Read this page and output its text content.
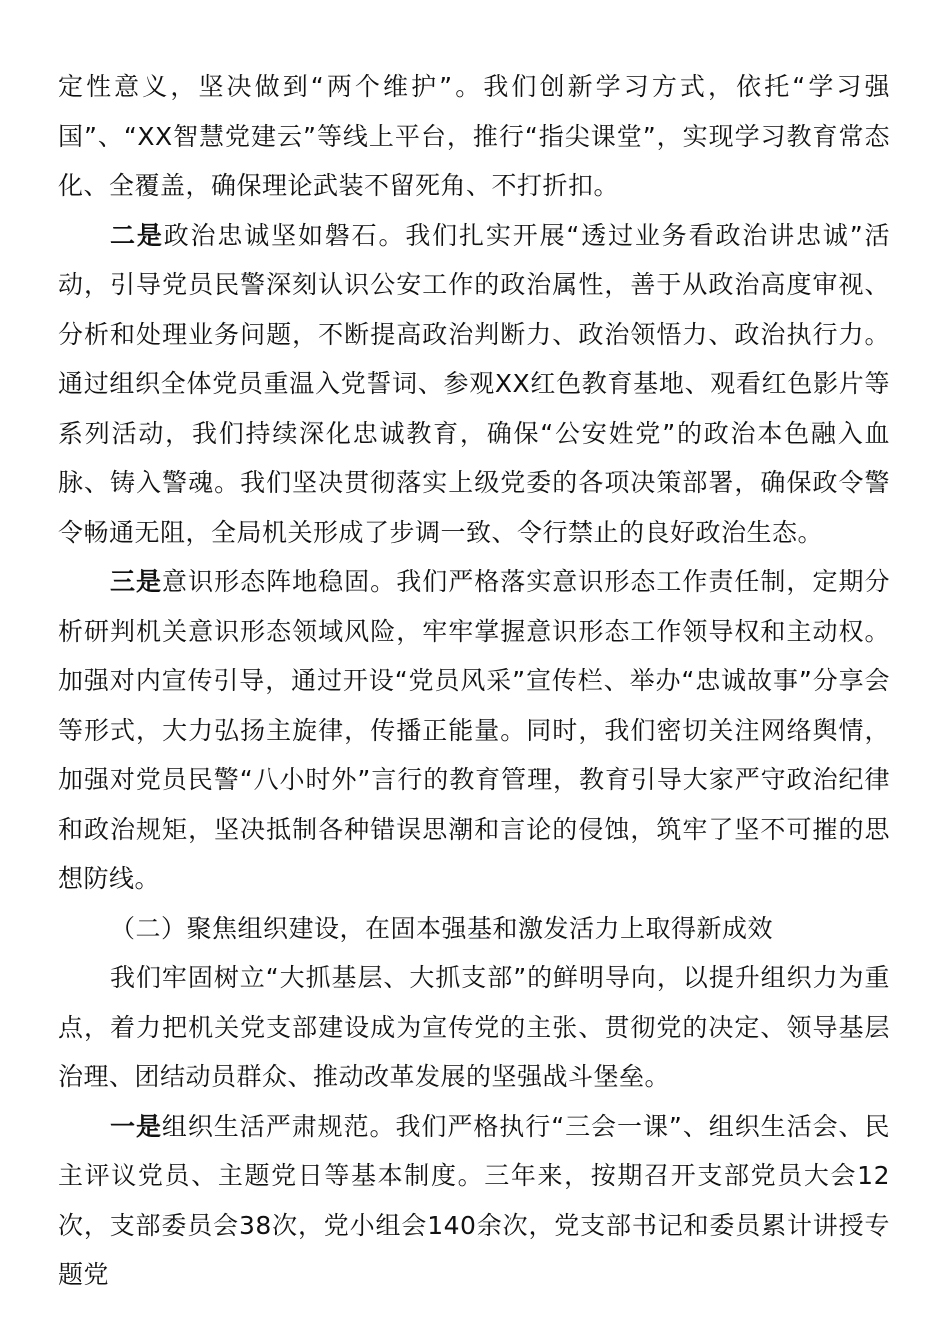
定性意义，坚决做到“两个维护”。我们创新学习方式，依托“学习强国”、“XX智慧党建云”等线上平台，推行“指尖课堂”，实现学习教育常态化、全覆盖，确保理论武装不留死角、不打折扣。

二是政治忠诚坚如磐石。我们扎实开展“透过业务看政治讲忠诚”活动，引导党员民警深刻认识公安工作的政治属性，善于从政治高度审视、分析和处理业务问题，不断提高政治判断力、政治领悟力、政治执行力。通过组织全体党员重温入党誓词、参观XX红色教育基地、观看红色影片等系列活动，我们持续深化忠诚教育，确保“公安姓党”的政治本色融入血脉、铸入警魂。我们坚决贯彻落实上级党委的各项决策部署，确保政令警令畅通无阻，全局机关形成了步调一致、令行禁止的良好政治生态。

三是意识形态阵地稳固。我们严格落实意识形态工作责任制，定期分析研判机关意识形态领域风险，牢牢掌握意识形态工作领导权和主动权。加强对内宣传引导，通过开设“党员风采”宣传栏、举办“忠诚故事”分享会等形式，大力弘扬主旋律，传播正能量。同时，我们密切关注网络舆情，加强对党员民警“八小时外”言行的教育管理，教育引导大家严守政治纪律和政治规矩，坚决抵制各种错误思潮和言论的侵蚀，筑牢了坚不可摧的思想防线。

（二）聚焦组织建设，在固本强基和激发活力上取得新成效

我们牢固树立“大抓基层、大抓支部”的鲜明导向，以提升组织力为重点，着力把机关党支部建设成为宣传党的主张、贯彻党的决定、领导基层治理、团结动员群众、推动改革发展的坚强战斗堡垒。

一是组织生活严肃规范。我们严格执行“三会一课”、组织生活会、民主评议党员、主题党日等基本制度。三年来，按期召开支部党员大会12次，支部委员会38次，党小组会140余次，党支部书记和委员累计讲授专题党
